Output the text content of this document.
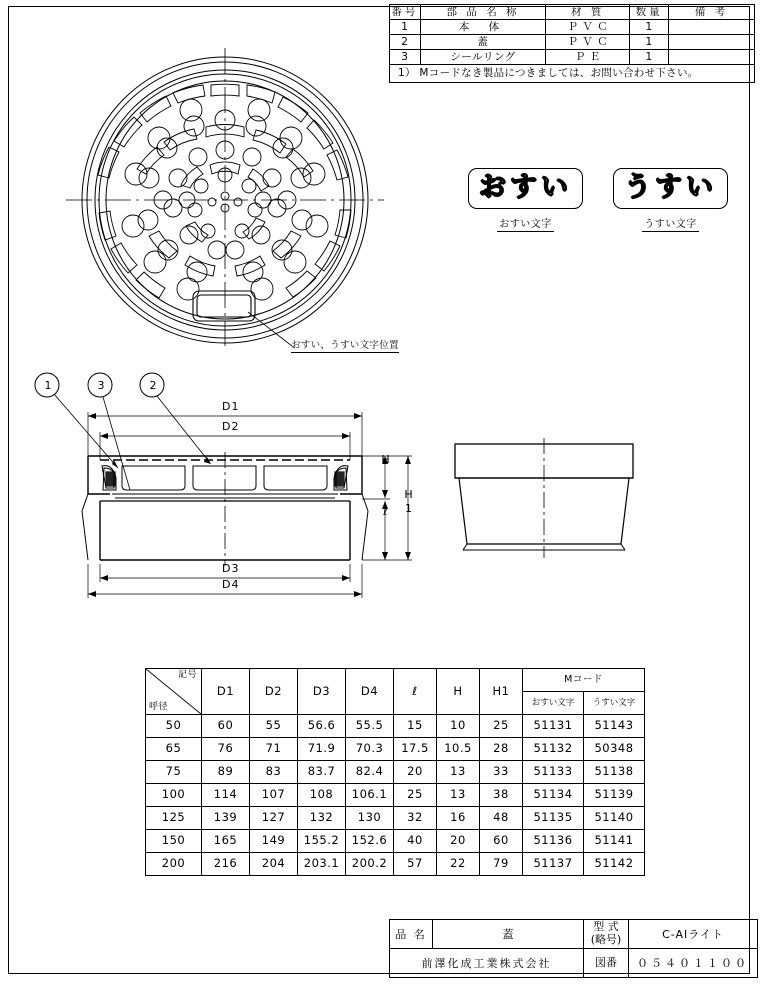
番号	部 品 名 称	材 質	数量	備 考
1	本 体	Ｐ Ｖ Ｃ	1	
2	蓋	Ｐ Ｖ Ｃ	1	
3	シールリング	Ｐ Ｅ	1	
1） Mコードなき製品につきましては、お問い合わせ下さい。				
おすい、うすい文字位置
おすい
おすい文字
うすい
うすい文字
1	3	2
D1
D2
D3
D4
H
H1
ℓ
記号
呼径	D1	D2	D3	D4	ℓ	H	H1	Mコード	
								おすい文字	うすい文字
50	60	55	56.6	55.5	15	10	25	51131	51143
65	76	71	71.9	70.3	17.5	10.5	28	51132	50348
75	89	83	83.7	82.4	20	13	33	51133	51138
100	114	107	108	106.1	25	13	38	51134	51139
125	139	127	132	130	32	16	48	51135	51140
150	165	149	155.2	152.6	40	20	60	51136	51141
200	216	204	203.1	200.2	57	22	79	51137	51142
品 名	蓋	型 式
(略号)	C-AIライト
前澤化成工業株式会社		図番	０５４０１１００
